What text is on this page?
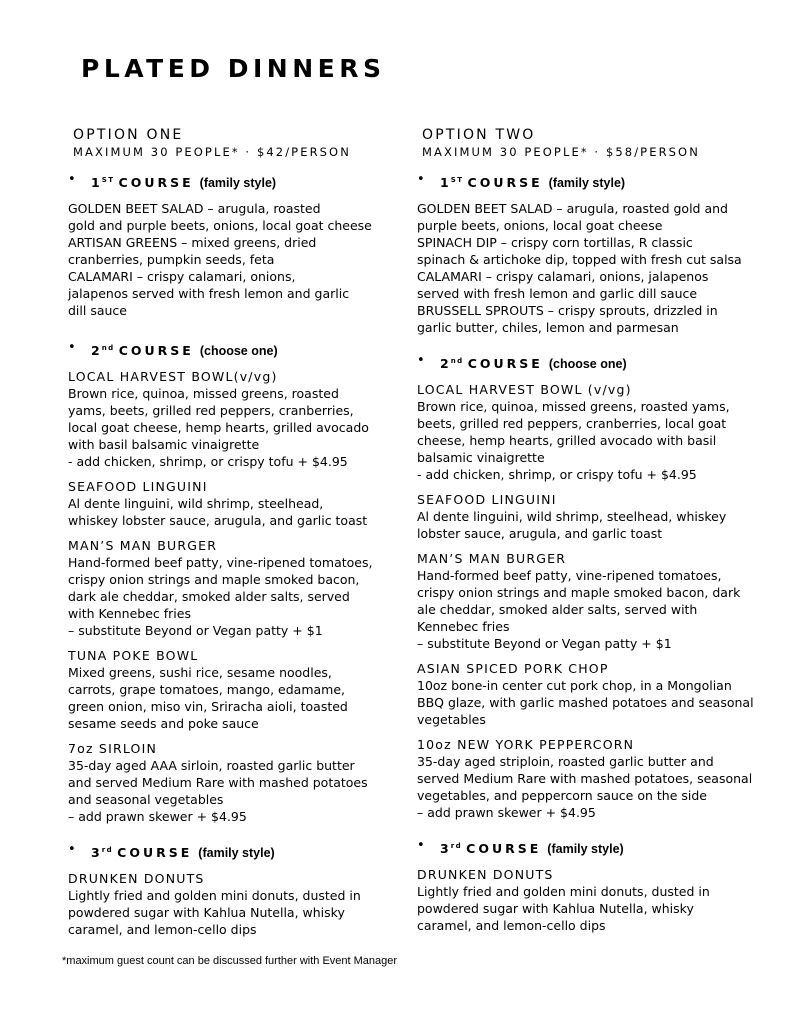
PLATED DINNERS
OPTION ONE
MAXIMUM 30 PEOPLE* · $42/PERSON
• 1ST COURSE (family style)
GOLDEN BEET SALAD – arugula, roasted
gold and purple beets, onions, local goat cheese
ARTISAN GREENS – mixed greens, dried
cranberries, pumpkin seeds, feta
CALAMARI – crispy calamari, onions,
jalapenos served with fresh lemon and garlic
dill sauce
• 2nd COURSE (choose one)
LOCAL HARVEST BOWL(v/vg)
Brown rice, quinoa, missed greens, roasted
yams, beets, grilled red peppers, cranberries,
local goat cheese, hemp hearts, grilled avocado
with basil balsamic vinaigrette
- add chicken, shrimp, or crispy tofu + $4.95
SEAFOOD LINGUINI
Al dente linguini, wild shrimp, steelhead,
whiskey lobster sauce, arugula, and garlic toast
MAN’S MAN BURGER
Hand-formed beef patty, vine-ripened tomatoes,
crispy onion strings and maple smoked bacon,
dark ale cheddar, smoked alder salts, served
with Kennebec fries
– substitute Beyond or Vegan patty + $1
TUNA POKE BOWL
Mixed greens, sushi rice, sesame noodles,
carrots, grape tomatoes, mango, edamame,
green onion, miso vin, Sriracha aioli, toasted
sesame seeds and poke sauce
7oz SIRLOIN
35-day aged AAA sirloin, roasted garlic butter
and served Medium Rare with mashed potatoes
and seasonal vegetables
– add prawn skewer + $4.95
• 3rd COURSE (family style)
DRUNKEN DONUTS
Lightly fried and golden mini donuts, dusted in
powdered sugar with Kahlua Nutella, whisky
caramel, and lemon-cello dips
OPTION TWO
MAXIMUM 30 PEOPLE* · $58/PERSON
• 1ST COURSE (family style)
GOLDEN BEET SALAD – arugula, roasted gold and
purple beets, onions, local goat cheese
SPINACH DIP – crispy corn tortillas, R classic
spinach & artichoke dip, topped with fresh cut salsa
CALAMARI – crispy calamari, onions, jalapenos
served with fresh lemon and garlic dill sauce
BRUSSELL SPROUTS – crispy sprouts, drizzled in
garlic butter, chiles, lemon and parmesan
• 2nd COURSE (choose one)
LOCAL HARVEST BOWL (v/vg)
Brown rice, quinoa, missed greens, roasted yams,
beets, grilled red peppers, cranberries, local goat
cheese, hemp hearts, grilled avocado with basil
balsamic vinaigrette
- add chicken, shrimp, or crispy tofu + $4.95
SEAFOOD LINGUINI
Al dente linguini, wild shrimp, steelhead, whiskey
lobster sauce, arugula, and garlic toast
MAN’S MAN BURGER
Hand-formed beef patty, vine-ripened tomatoes,
crispy onion strings and maple smoked bacon, dark
ale cheddar, smoked alder salts, served with
Kennebec fries
– substitute Beyond or Vegan patty + $1
ASIAN SPICED PORK CHOP
10oz bone-in center cut pork chop, in a Mongolian
BBQ glaze, with garlic mashed potatoes and seasonal
vegetables
10oz NEW YORK PEPPERCORN
35-day aged striploin, roasted garlic butter and
served Medium Rare with mashed potatoes, seasonal
vegetables, and peppercorn sauce on the side
– add prawn skewer + $4.95
• 3rd COURSE (family style)
DRUNKEN DONUTS
Lightly fried and golden mini donuts, dusted in
powdered sugar with Kahlua Nutella, whisky
caramel, and lemon-cello dips

*maximum guest count can be discussed further with Event Manager
